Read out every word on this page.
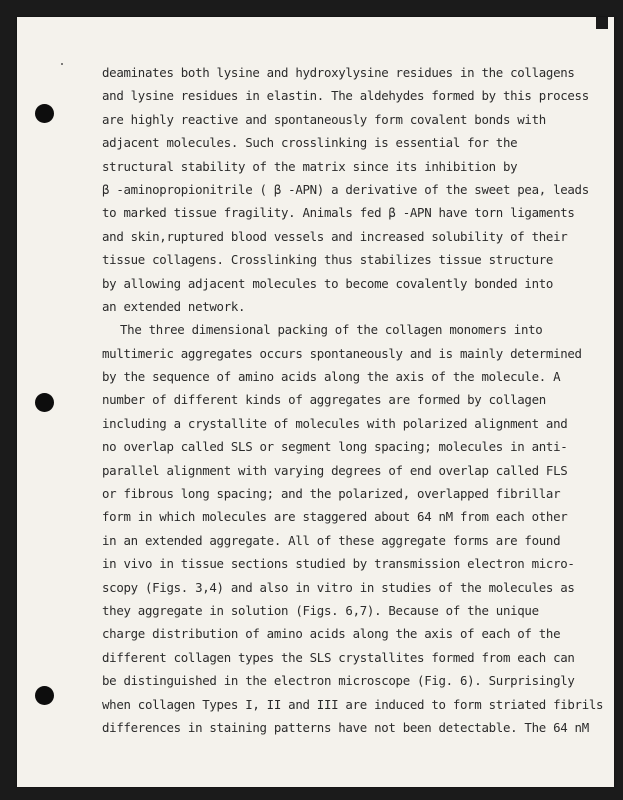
deaminates both lysine and hydroxylysine residues in the collagens
and lysine residues in elastin. The aldehydes formed by this process
are highly reactive and spontaneously form covalent bonds with
adjacent molecules. Such crosslinking is essential for the
structural stability of the matrix since its inhibition by
β -aminopropionitrile ( β -APN) a derivative of the sweet pea, leads
to marked tissue fragility. Animals fed β -APN have torn ligaments
and skin,ruptured blood vessels and increased solubility of their
tissue collagens. Crosslinking thus stabilizes tissue structure
by allowing adjacent molecules to become covalently bonded into
an extended network.
The three dimensional packing of the collagen monomers into
multimeric aggregates occurs spontaneously and is mainly determined
by the sequence of amino acids along the axis of the molecule. A
number of different kinds of aggregates are formed by collagen
including a crystallite of molecules with polarized alignment and
no overlap called SLS or segment long spacing; molecules in anti-
parallel alignment with varying degrees of end overlap called FLS
or fibrous long spacing; and the polarized, overlapped fibrillar
form in which molecules are staggered about 64 nM from each other
in an extended aggregate. All of these aggregate forms are found
in vivo in tissue sections studied by transmission electron micro-
scopy (Figs. 3,4) and also in vitro in studies of the molecules as
they aggregate in solution (Figs. 6,7). Because of the unique
charge distribution of amino acids along the axis of each of the
different collagen types the SLS crystallites formed from each can
be distinguished in the electron microscope (Fig. 6). Surprisingly
when collagen Types I, II and III are induced to form striated fibrils
differences in staining patterns have not been detectable. The 64 nM
